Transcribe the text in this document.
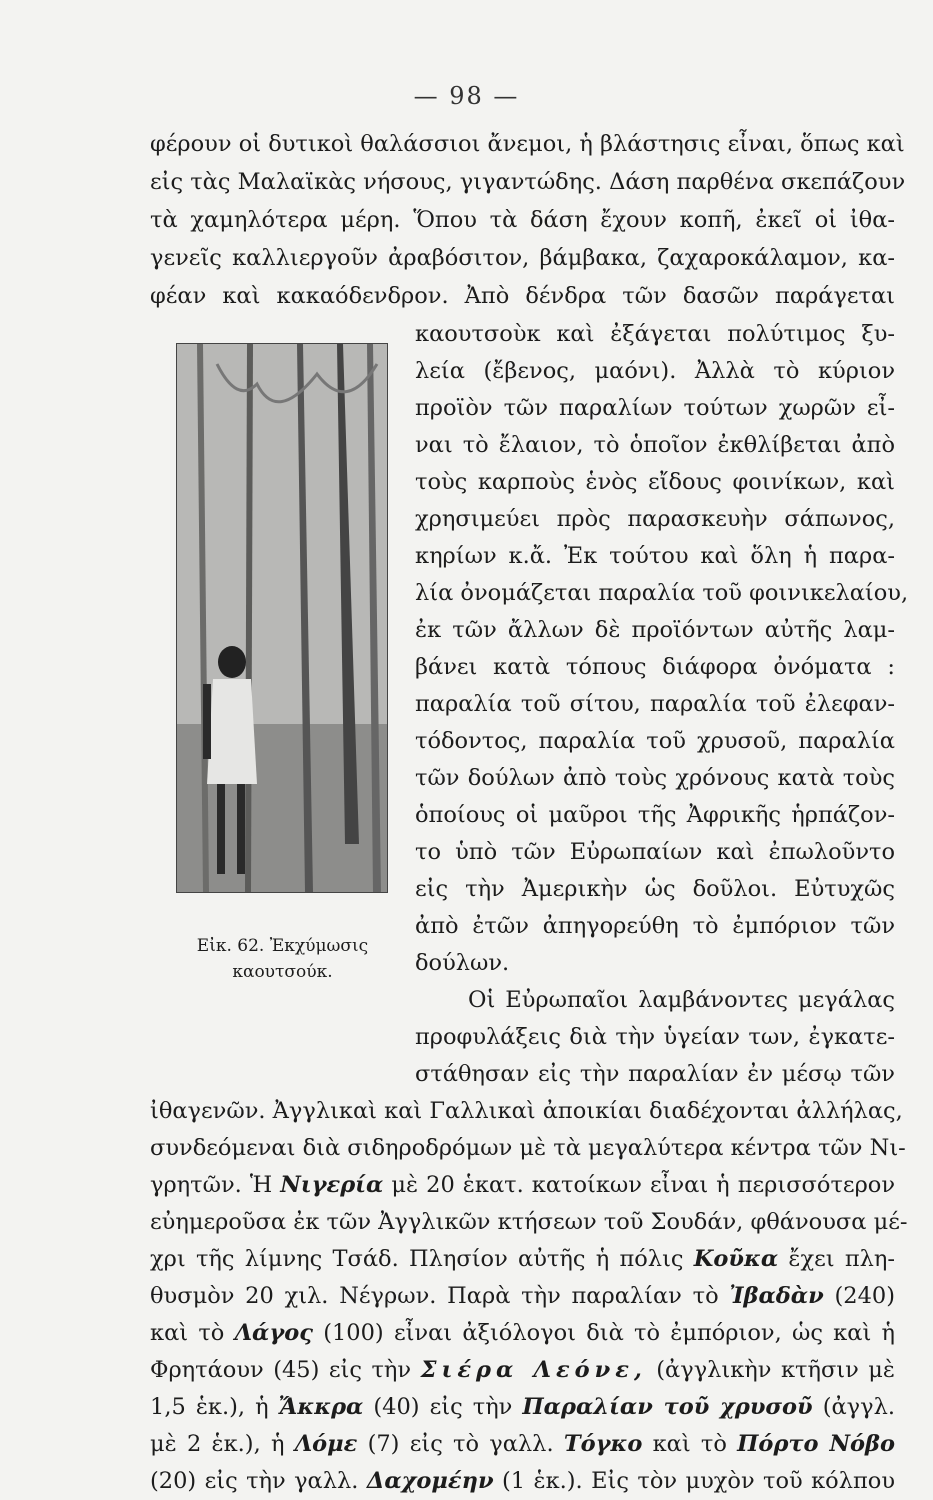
— 98 —
φέρουν οἱ δυτικοὶ θαλάσσιοι ἄνεμοι, ἡ βλάστησις εἶναι, ὅπως καὶ
εἰς τὰς Μαλαϊκὰς νήσους, γιγαντώδης. Δάση παρθένα σκεπάζουν
τὰ χαμηλότερα μέρη. Ὅπου τὰ δάση ἔχουν κοπῆ, ἐκεῖ οἱ ἰθα-
γενεῖς καλλιεργοῦν ἀραβόσιτον, βάμβακα, ζαχαροκάλαμον, κα-
φέαν καὶ κακαόδενδρον. Ἀπὸ δένδρα τῶν δασῶν παράγεται
καουτσοὺκ καὶ ἐξάγεται πολύτιμος ξυ-
λεία (ἔβενος, μαόνι). Ἀλλὰ τὸ κύριον
προϊὸν τῶν παραλίων τούτων χωρῶν εἶ-
ναι τὸ ἔλαιον, τὸ ὁποῖον ἐκθλίβεται ἀπὸ
τοὺς καρποὺς ἑνὸς εἴδους φοινίκων, καὶ
χρησιμεύει πρὸς παρασκευὴν σάπωνος,
κηρίων κ.ἄ. Ἐκ τούτου καὶ ὅλη ἡ παρα-
λία ὀνομάζεται παραλία τοῦ φοινικελαίου,
ἐκ τῶν ἄλλων δὲ προϊόντων αὐτῆς λαμ-
βάνει κατὰ τόπους διάφορα ὀνόματα :
παραλία τοῦ σίτου, παραλία τοῦ ἐλεφαν-
τόδοντος, παραλία τοῦ χρυσοῦ, παραλία
τῶν δούλων ἀπὸ τοὺς χρόνους κατὰ τοὺς
ὁποίους οἱ μαῦροι τῆς Ἀφρικῆς ἡρπάζον-
το ὑπὸ τῶν Εὐρωπαίων καὶ ἐπωλοῦντο
εἰς τὴν Ἀμερικὴν ὡς δοῦλοι. Εὐτυχῶς
ἀπὸ ἐτῶν ἀπηγορεύθη τὸ ἐμπόριον τῶν
δούλων.
Οἱ Εὐρωπαῖοι λαμβάνοντες μεγάλας
προφυλάξεις διὰ τὴν ὑγείαν των, ἐγκατε-
στάθησαν εἰς τὴν παραλίαν ἐν μέσῳ τῶν
Εἰκ. 62. Ἐκχύμωσις
καουτσούκ.
ἰθαγενῶν. Ἀγγλικαὶ καὶ Γαλλικαὶ ἀποικίαι διαδέχονται ἀλλήλας,
συνδεόμεναι διὰ σιδηροδρόμων μὲ τὰ μεγαλύτερα κέντρα τῶν Νι-
γρητῶν. Ἡ Νιγερία μὲ 20 ἑκατ. κατοίκων εἶναι ἡ περισσότερον
εὐημεροῦσα ἐκ τῶν Ἀγγλικῶν κτήσεων τοῦ Σουδάν, φθάνουσα μέ-
χρι τῆς λίμνης Τσάδ. Πλησίον αὐτῆς ἡ πόλις Κοῦκα ἔχει πλη-
θυσμὸν 20 χιλ. Νέγρων. Παρὰ τὴν παραλίαν τὸ Ἰβαδὰν (240)
καὶ τὸ Λάγος (100) εἶναι ἀξιόλογοι διὰ τὸ ἐμπόριον, ὡς καὶ ἡ
Φρητάουν (45) εἰς τὴν Σιέρα Λεόνε, (ἀγγλικὴν κτῆσιν μὲ
1,5 ἑκ.), ἡ Ἄκκρα (40) εἰς τὴν Παραλίαν τοῦ χρυσοῦ (ἀγγλ.
μὲ 2 ἑκ.), ἡ Λόμε (7) εἰς τὸ γαλλ. Τόγκο καὶ τὸ Πόρτο Νόβο
(20) εἰς τὴν γαλλ. Δαχομέην (1 ἑκ.). Εἰς τὸν μυχὸν τοῦ κόλπου
